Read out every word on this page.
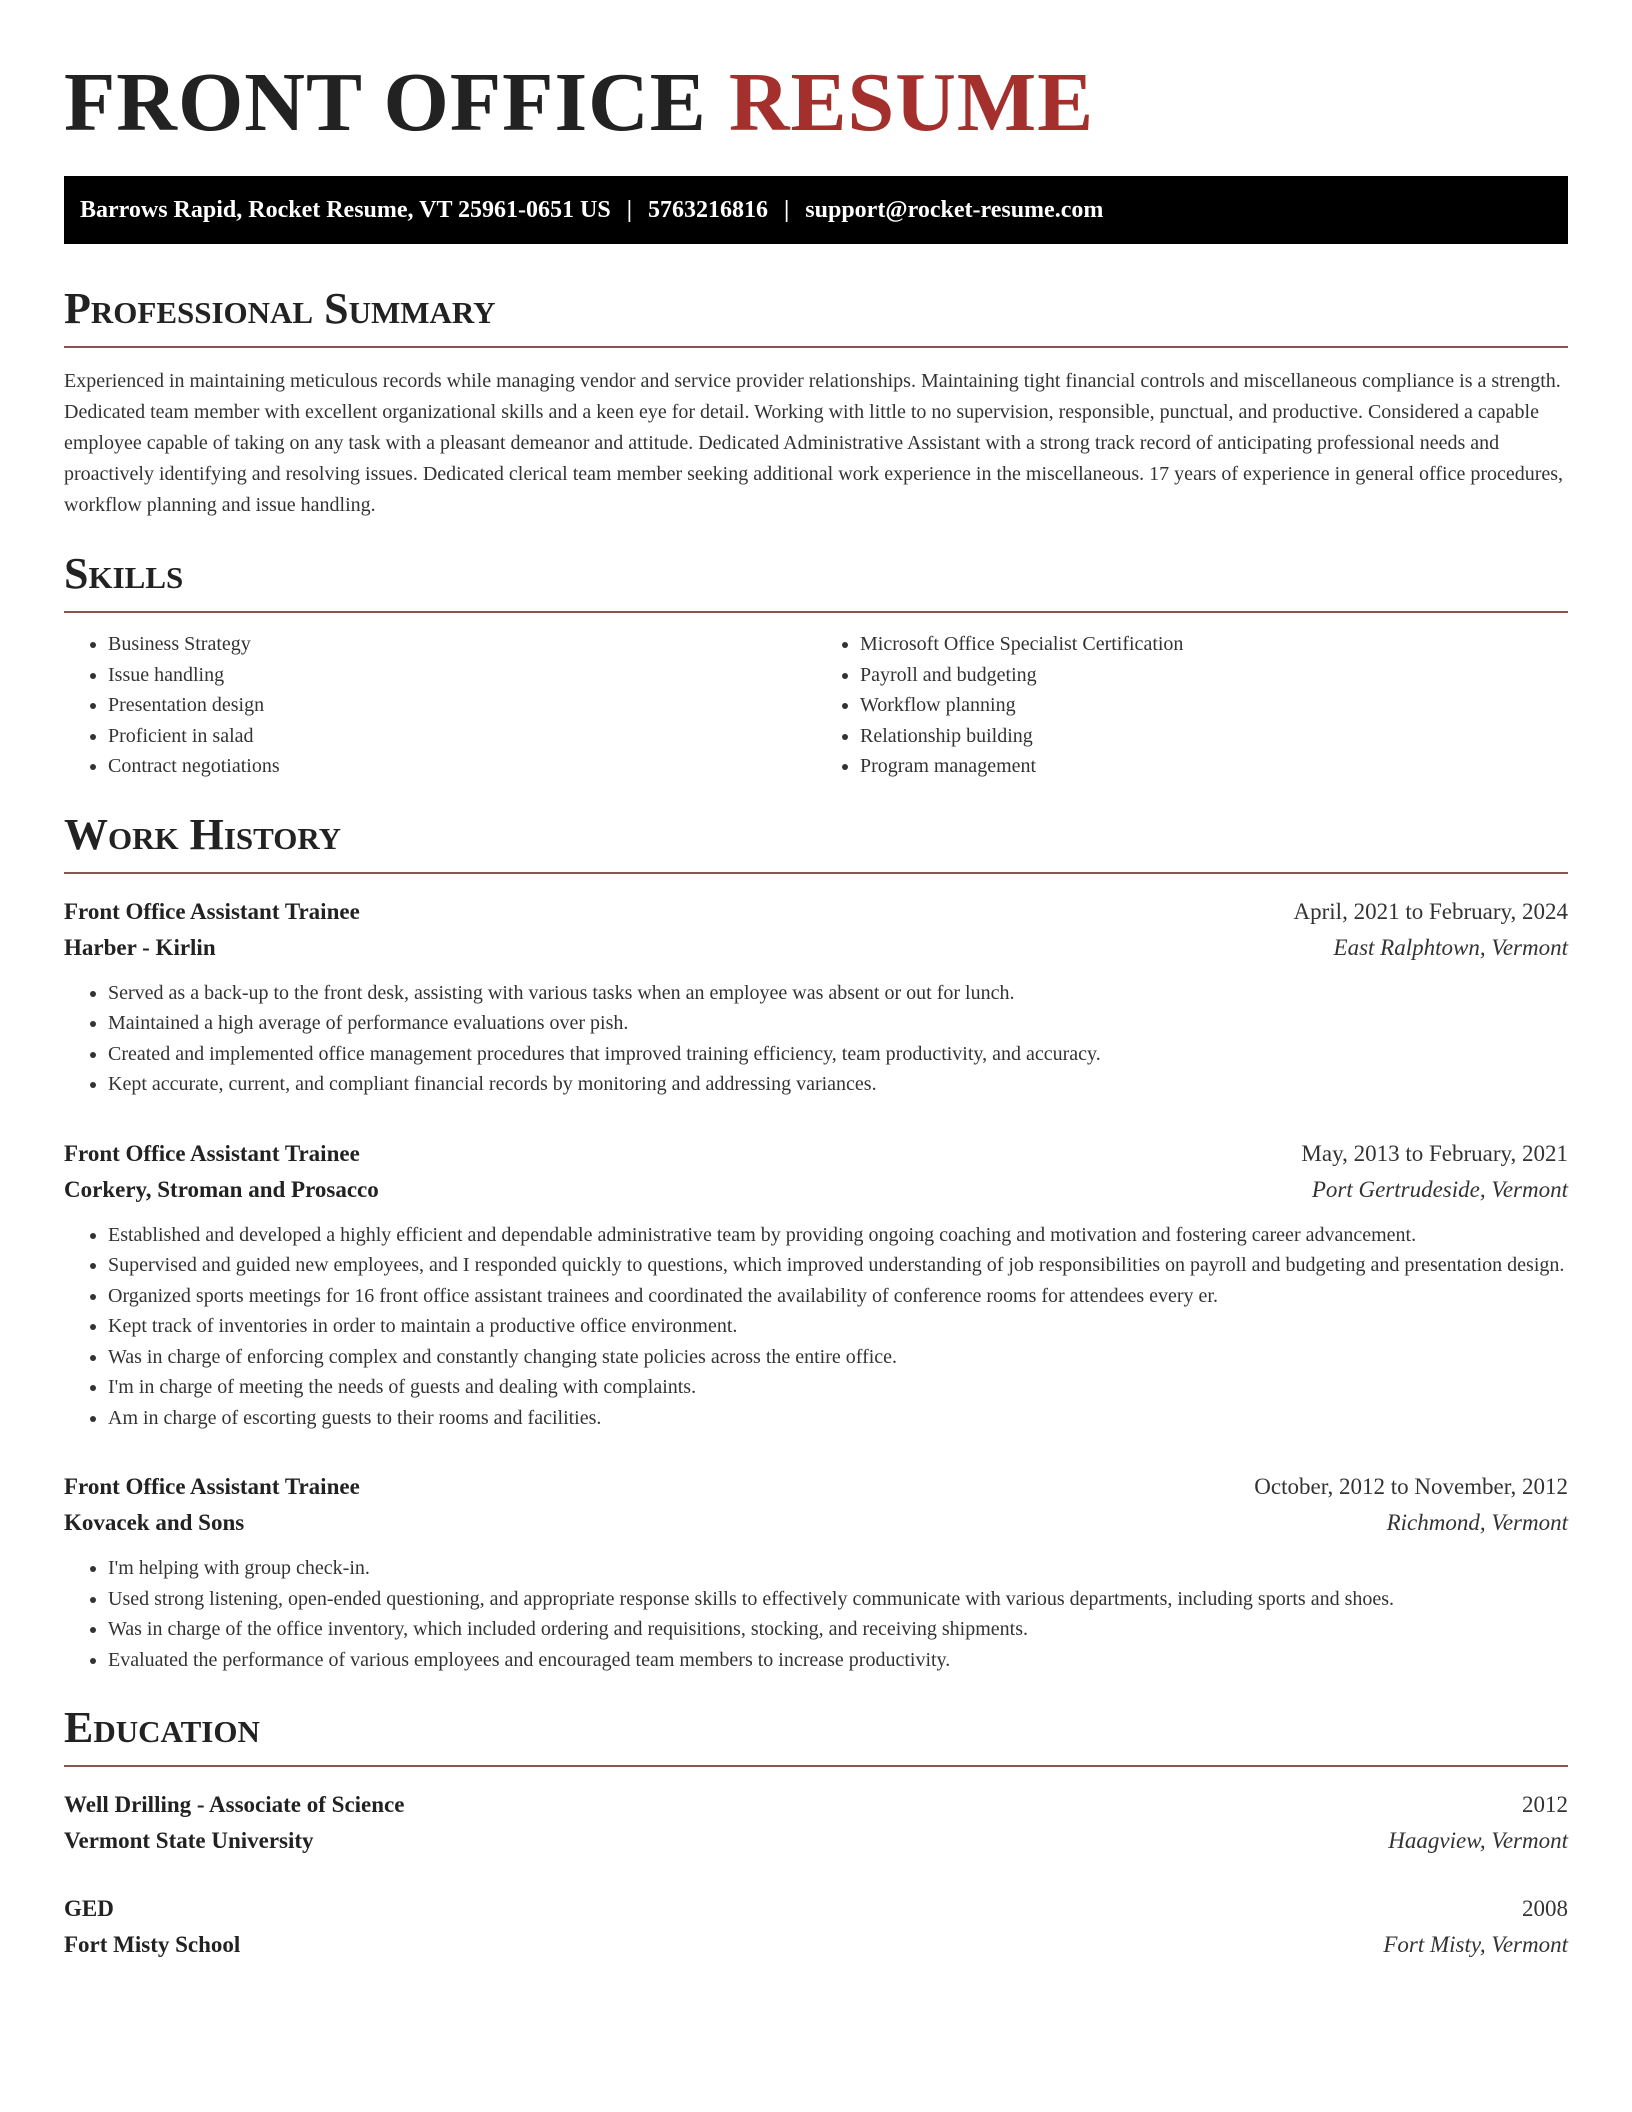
FRONT OFFICE RESUME
Barrows Rapid, Rocket Resume, VT 25961-0651 US | 5763216816 | support@rocket-resume.com
Professional Summary

Experienced in maintaining meticulous records while managing vendor and service provider relationships. Maintaining tight financial controls and miscellaneous compliance is a strength. Dedicated team member with excellent organizational skills and a keen eye for detail. Working with little to no supervision, responsible, punctual, and productive. Considered a capable employee capable of taking on any task with a pleasant demeanor and attitude. Dedicated Administrative Assistant with a strong track record of anticipating professional needs and proactively identifying and resolving issues. Dedicated clerical team member seeking additional work experience in the miscellaneous. 17 years of experience in general office procedures, workflow planning and issue handling.

Skills
• Business Strategy
• Issue handling
• Presentation design
• Proficient in salad
• Contract negotiations
• Microsoft Office Specialist Certification
• Payroll and budgeting
• Workflow planning
• Relationship building
• Program management
Work History
Front Office Assistant Trainee	April, 2021 to February, 2024
Harber - Kirlin	East Ralphtown, Vermont
• Served as a back-up to the front desk, assisting with various tasks when an employee was absent or out for lunch.
• Maintained a high average of performance evaluations over pish.
• Created and implemented office management procedures that improved training efficiency, team productivity, and accuracy.
• Kept accurate, current, and compliant financial records by monitoring and addressing variances.
Front Office Assistant Trainee	May, 2013 to February, 2021
Corkery, Stroman and Prosacco	Port Gertrudeside, Vermont
• Established and developed a highly efficient and dependable administrative team by providing ongoing coaching and motivation and fostering career advancement.
• Supervised and guided new employees, and I responded quickly to questions, which improved understanding of job responsibilities on payroll and budgeting and presentation design.
• Organized sports meetings for 16 front office assistant trainees and coordinated the availability of conference rooms for attendees every er.
• Kept track of inventories in order to maintain a productive office environment.
• Was in charge of enforcing complex and constantly changing state policies across the entire office.
• I'm in charge of meeting the needs of guests and dealing with complaints.
• Am in charge of escorting guests to their rooms and facilities.
Front Office Assistant Trainee	October, 2012 to November, 2012
Kovacek and Sons	Richmond, Vermont
• I'm helping with group check-in.
• Used strong listening, open-ended questioning, and appropriate response skills to effectively communicate with various departments, including sports and shoes.
• Was in charge of the office inventory, which included ordering and requisitions, stocking, and receiving shipments.
• Evaluated the performance of various employees and encouraged team members to increase productivity.
Education
Well Drilling - Associate of Science	2012
Vermont State University	Haagview, Vermont
GED	2008
Fort Misty School	Fort Misty, Vermont
